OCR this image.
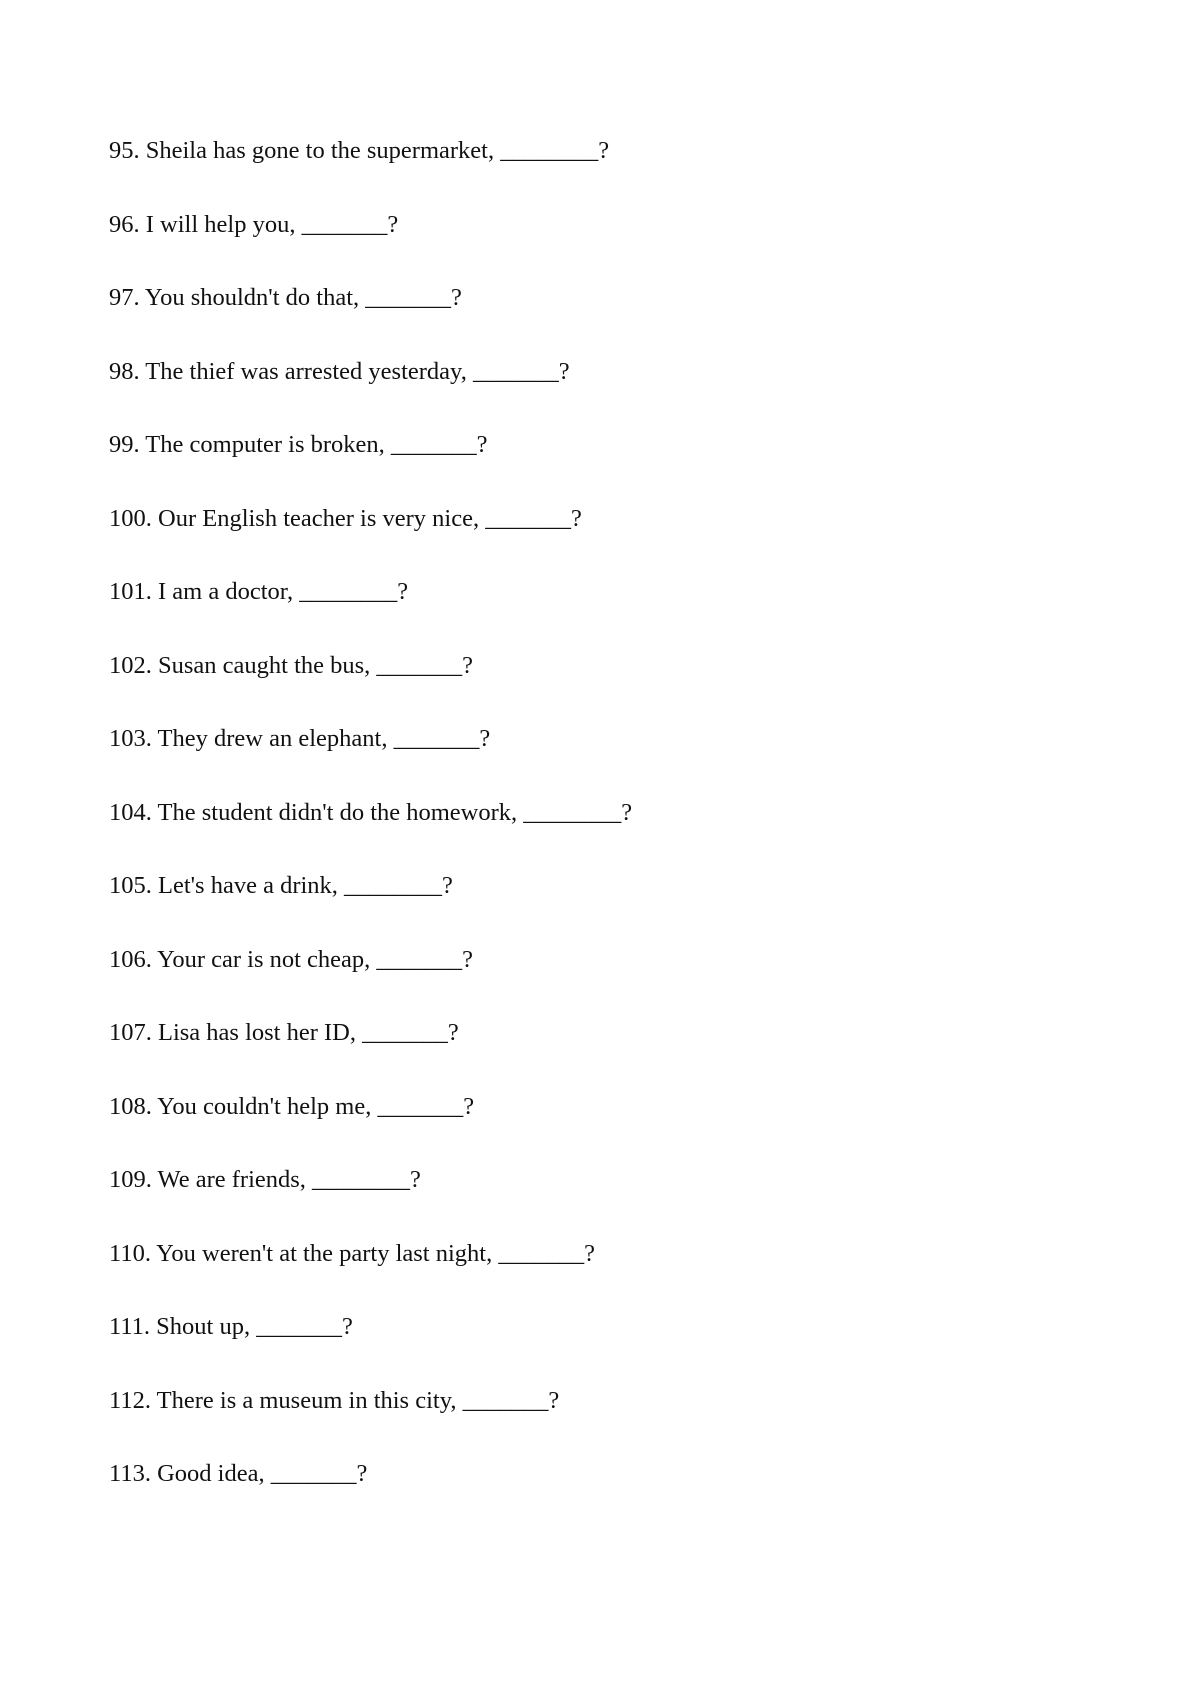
95. Sheila has gone to the supermarket, ________?
96. I will help you, _______?
97. You shouldn't do that, _______?
98. The thief was arrested yesterday, _______?
99. The computer is broken, _______?
100. Our English teacher is very nice, _______?
101. I am a doctor, ________?
102. Susan caught the bus, _______?
103. They drew an elephant, _______?
104. The student didn't do the homework, ________?
105. Let's have a drink, ________?
106. Your car is not cheap, _______?
107. Lisa has lost her ID, _______?
108. You couldn't help me, _______?
109. We are friends, ________?
110. You weren't at the party last night, _______?
111. Shout up, _______?
112. There is a museum in this city, _______?
113. Good idea, _______?
